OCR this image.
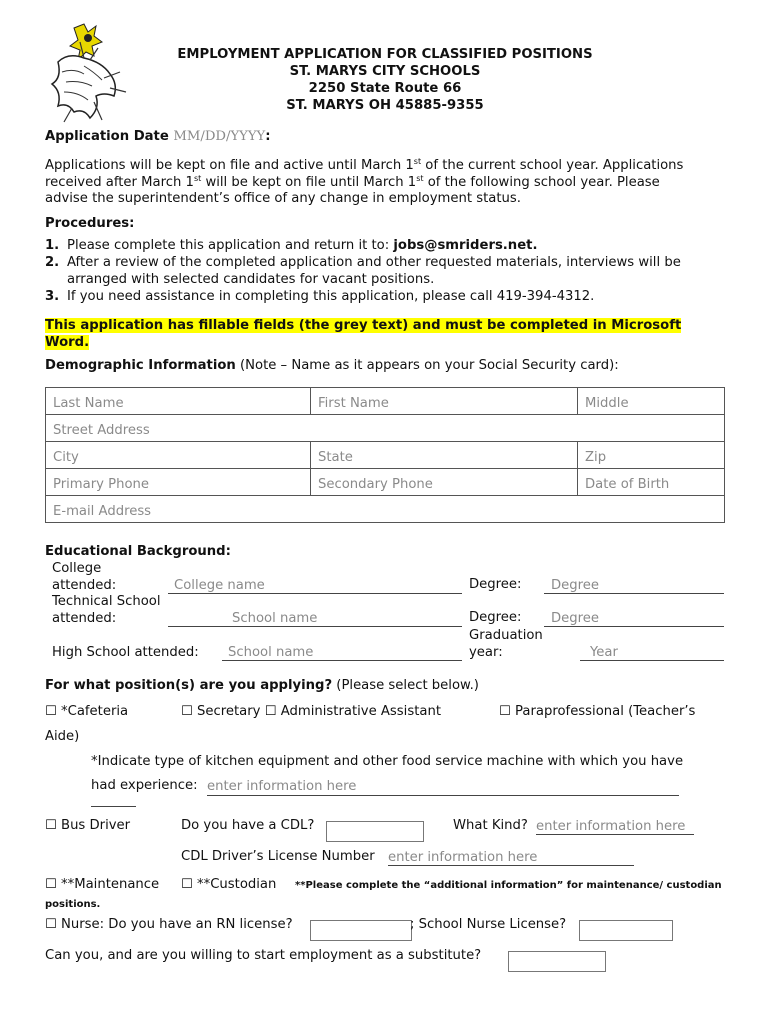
EMPLOYMENT APPLICATION FOR CLASSIFIED POSITIONS
ST. MARYS CITY SCHOOLS
2250 State Route 66
ST. MARYS OH 45885-9355
Application Date MM/DD/YYYY:

Applications will be kept on file and active until March 1st of the current school year. Applications
received after March 1st will be kept on file until March 1st of the following school year. Please
advise the superintendent’s office of any change in employment status.

Procedures:
1. Please complete this application and return it to: jobs@smriders.net.
2. After a review of the completed application and other requested materials, interviews will be
arranged with selected candidates for vacant positions.
3. If you need assistance in completing this application, please call 419-394-4312.
This application has fillable fields (the grey text) and must be completed in Microsoft
Word.
Demographic Information (Note – Name as it appears on your Social Security card):
Last Name	First Name	Middle
Street Address		
City	State	Zip
Primary Phone	Secondary Phone	Date of Birth
E-mail Address		
Educational Background:
College
attended:	College name	Degree:	Degree
Technical School
attended:	School name	Degree:	Degree
High School attended:	School name
Graduation
year:	Year
For what position(s) are you applying? (Please select below.)
☐ *Cafeteria	☐ Secretary ☐ Administrative Assistant	☐ Paraprofessional (Teacher’s
Aide)
*Indicate type of kitchen equipment and other food service machine with which you have
had experience: enter information here
☐ Bus Driver	Do you have a CDL?	What Kind? enter information here
CDL Driver’s License Number enter information here
☐ **Maintenance ☐ **Custodian **Please complete the “additional information” for maintenance/ custodian
positions.
☐ Nurse: Do you have an RN license?	; School Nurse License?
Can you, and are you willing to start employment as a substitute?
